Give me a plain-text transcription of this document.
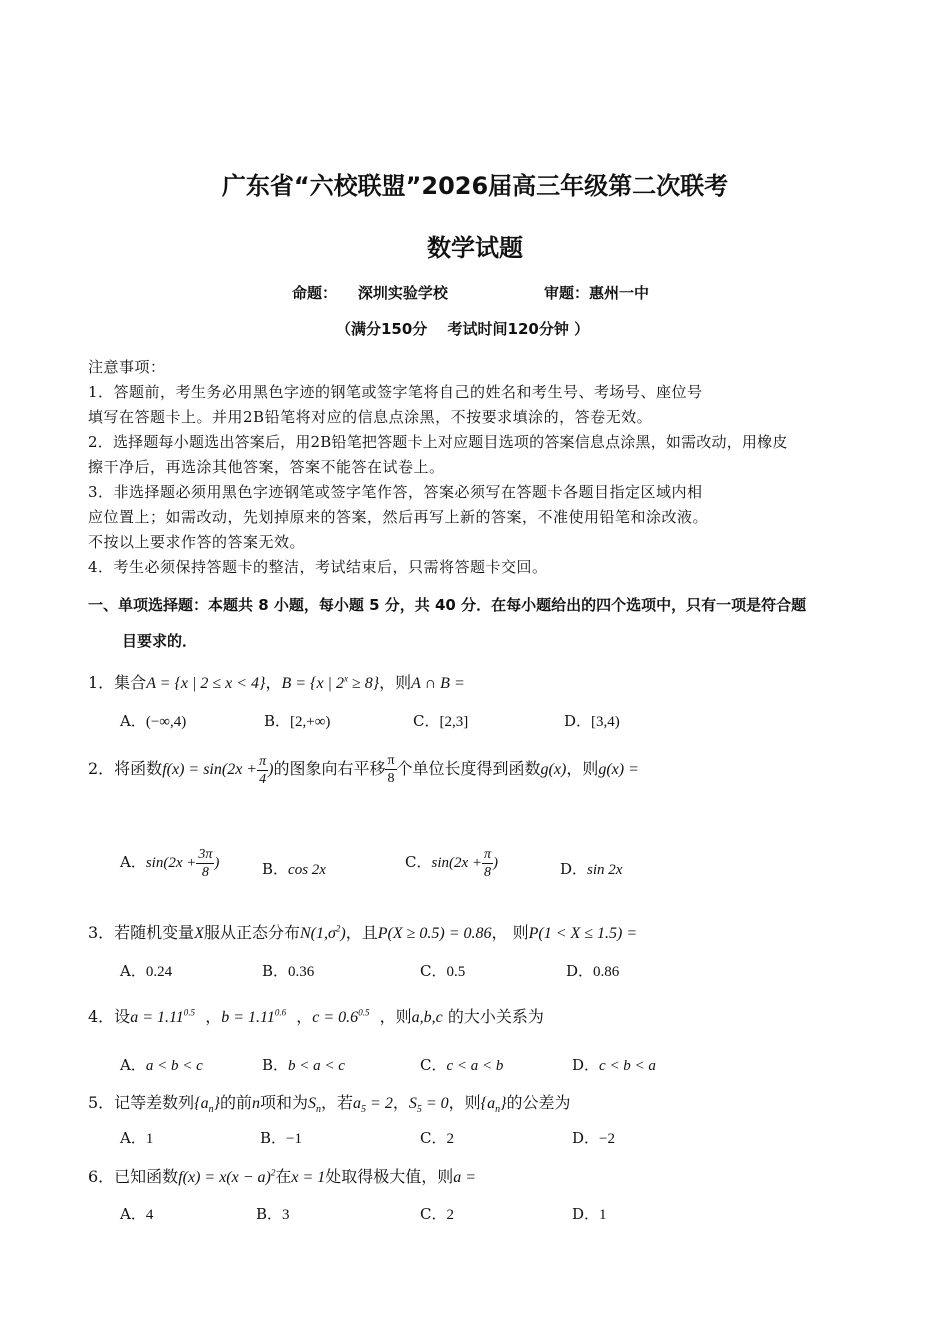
广东省“六校联盟”2026届高三年级第二次联考
数学试题
命题： 深圳实验学校	审题：惠州一中
（满分150分　 考试时间120分钟 ）
注意事项：
1．答题前，考生务必用黑色字迹的钢笔或签字笔将自己的姓名和考生号、考场号、座位号
填写在答题卡上。并用2B铅笔将对应的信息点涂黑，不按要求填涂的，答卷无效。
2．选择题每小题选出答案后，用2B铅笔把答题卡上对应题目选项的答案信息点涂黑，如需改动，用橡皮
擦干净后，再选涂其他答案，答案不能答在试卷上。
3．非选择题必须用黑色字迹钢笔或签字笔作答，答案必须写在答题卡各题目指定区域内相
应位置上；如需改动，先划掉原来的答案，然后再写上新的答案，不准使用铅笔和涂改液。
不按以上要求作答的答案无效。
4．考生必须保持答题卡的整洁，考试结束后，只需将答题卡交回。
一、单项选择题：本题共 8 小题，每小题 5 分，共 40 分．在每小题给出的四个选项中，只有一项是符合题
目要求的．
1．集合A = {x | 2 ≤ x < 4}，B = {x | $2^x \ge 8$}，则A ∩ B =
A．(−∞,4)	B．[2,+∞)	C．[2,3]	D．[3,4)
2．将函数$f(x) = \sin(2x + \frac{\pi}{4}$ )的图象向右平移 $\frac{\pi}{8}$ 个单位长度得到函数g(x)，则g(x) =
A．$\sin(2x + \frac{3\pi}{8}$ )	B．cos 2x	C．$\sin(2x + \frac{\pi}{8}$ )	D．sin 2x
3．若随机变量X服从正态分布$N(1,\sigma^2)$，且P(X ≥ 0.5) = 0.86， 则P(1 < X ≤ 1.5) =
A．0.24	B．0.36	C．0.5	D．0.86
4．设$a = 1.11^{0.5}$ ，$b = 1.11^{0.6}$ ，$c = 0.6^{0.5}$ ，则a,b,c 的大小关系为
A．a < b < c	B．b < a < c	C．c < a < b	D．c < b < a
5．记等差数列$\{a_n\}$的前n项和为$S_n$，若$a_5 = 2$，$S_5 = 0$，则$\{a_n\}$的公差为
A．1	B．−1	C．2	D．−2
6．已知函数$f(x) = x(x - a)^2$在x = 1处取得极大值，则a =
A．4	B．3	C．2	D．1
